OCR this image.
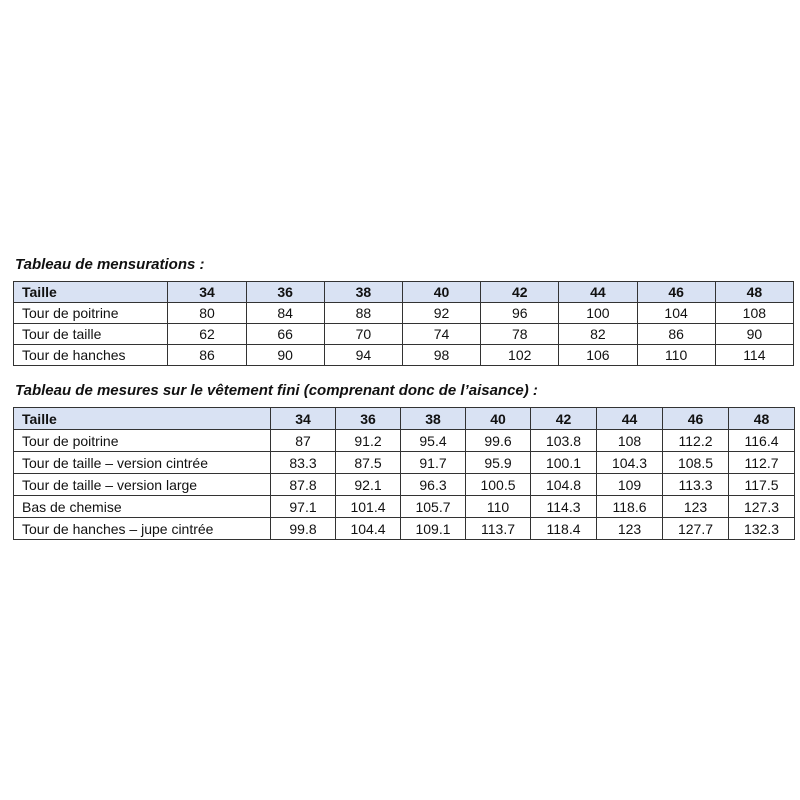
Tableau de mensurations :
Taille	34	36	38	40	42	44	46	48
Tour de poitrine	80	84	88	92	96	100	104	108
Tour de taille	62	66	70	74	78	82	86	90
Tour de hanches	86	90	94	98	102	106	110	114
Tableau de mesures sur le vêtement fini (comprenant donc de l’aisance) :
Taille	34	36	38	40	42	44	46	48
Tour de poitrine	87	91.2	95.4	99.6	103.8	108	112.2	116.4
Tour de taille – version cintrée	83.3	87.5	91.7	95.9	100.1	104.3	108.5	112.7
Tour de taille – version large	87.8	92.1	96.3	100.5	104.8	109	113.3	117.5
Bas de chemise	97.1	101.4	105.7	110	114.3	118.6	123	127.3
Tour de hanches – jupe cintrée	99.8	104.4	109.1	113.7	118.4	123	127.7	132.3
